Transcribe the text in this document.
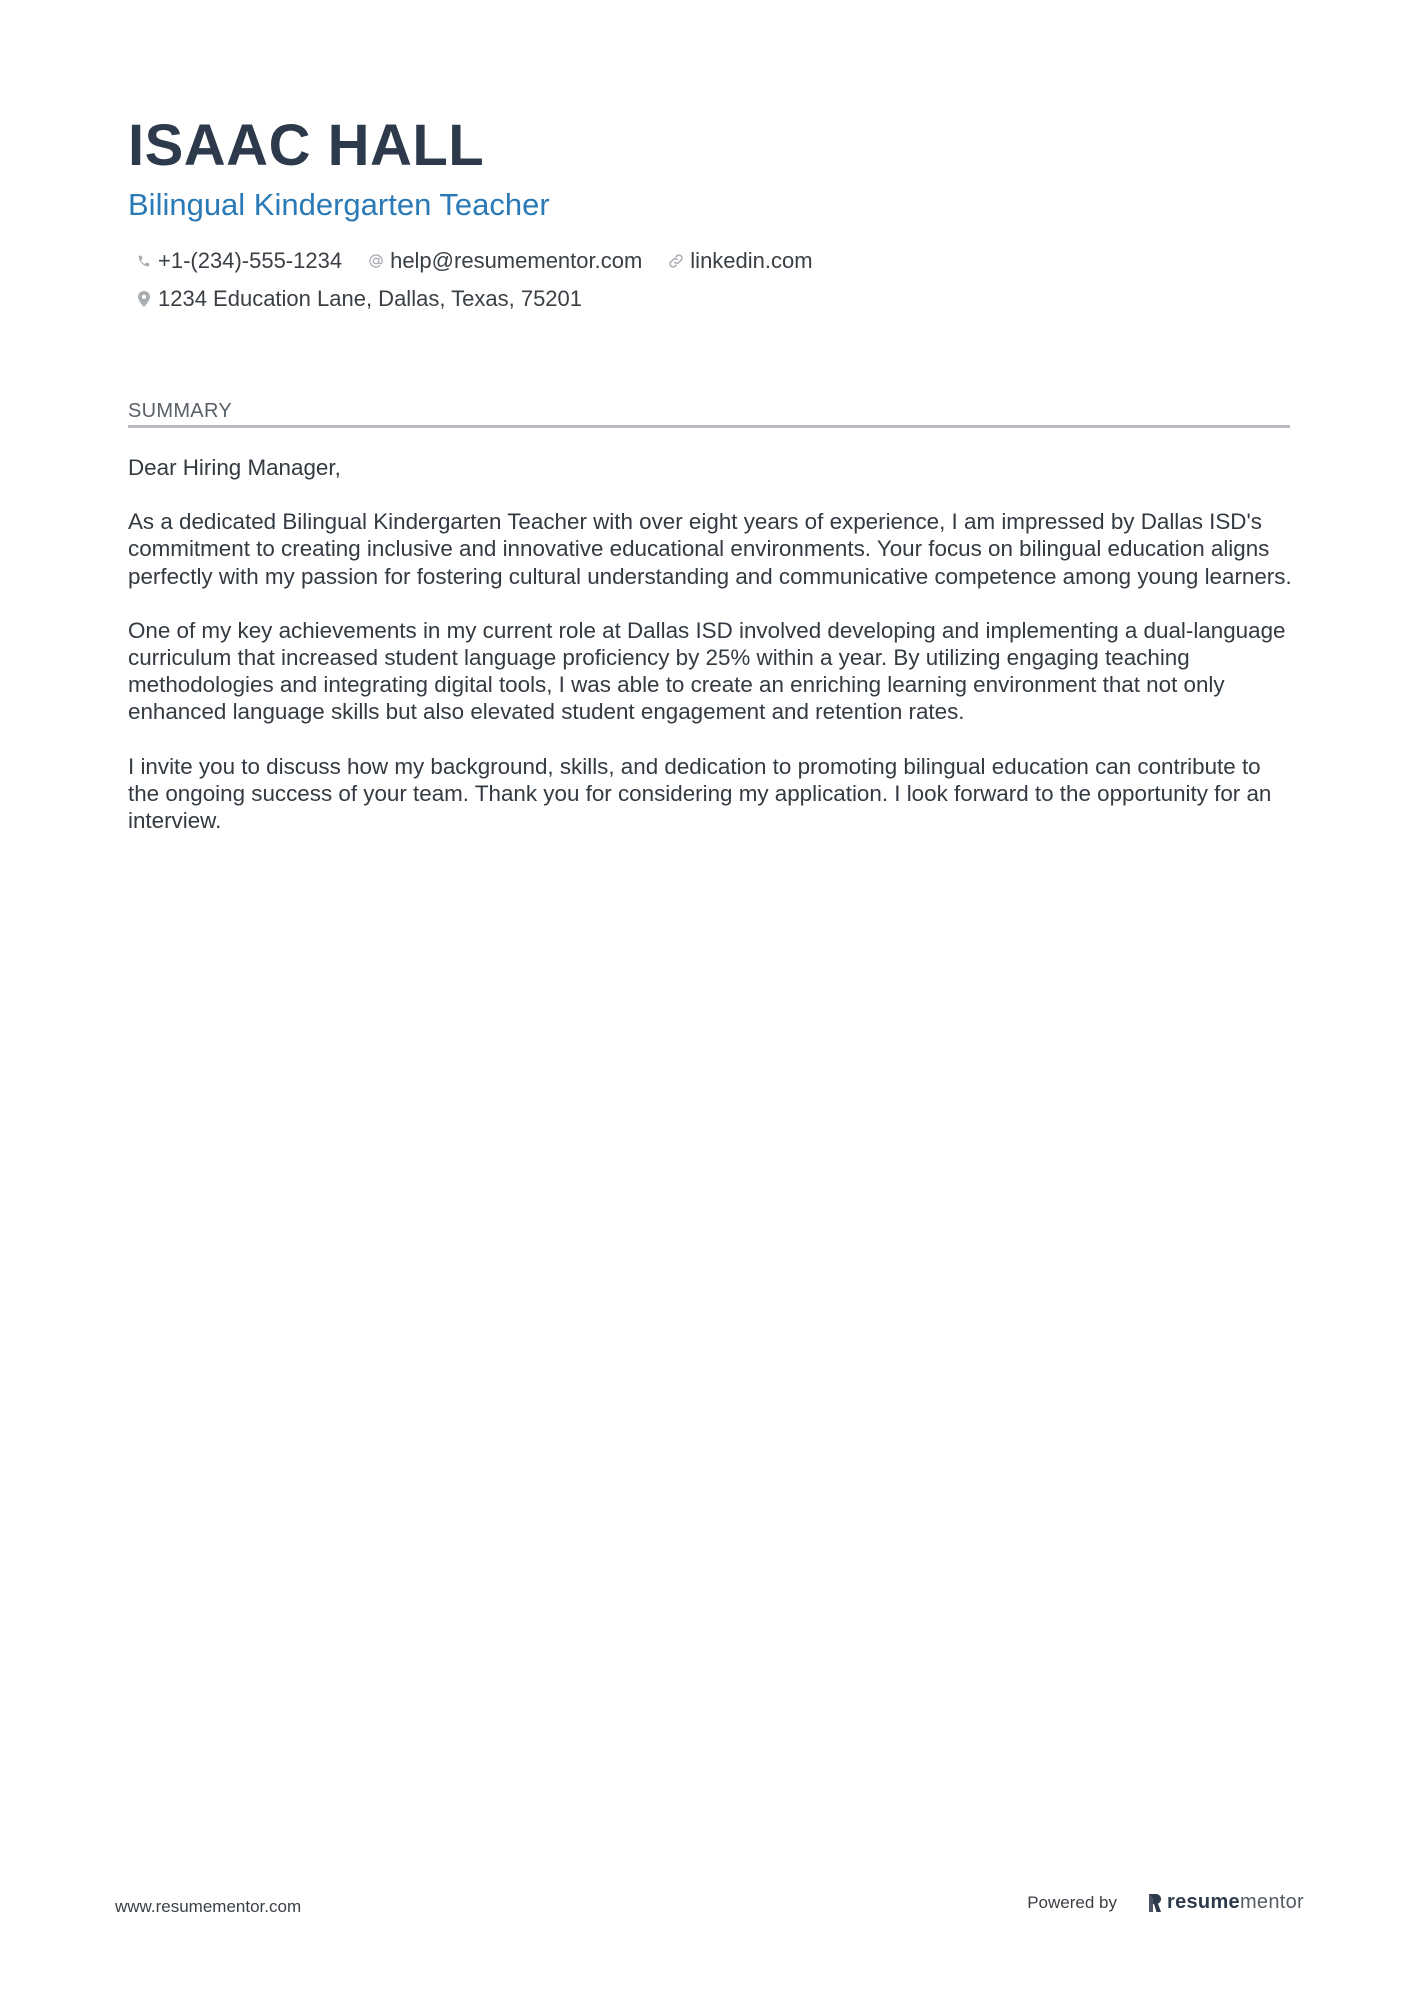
ISAAC HALL
Bilingual Kindergarten Teacher
+1-(234)-555-1234 help@resumementor.com linkedin.com
1234 Education Lane, Dallas, Texas, 75201
SUMMARY

Dear Hiring Manager,

As a dedicated Bilingual Kindergarten Teacher with over eight years of experience, I am impressed by Dallas ISD's commitment to creating inclusive and innovative educational environments. Your focus on bilingual education aligns perfectly with my passion for fostering cultural understanding and communicative competence among young learners.

One of my key achievements in my current role at Dallas ISD involved developing and implementing a dual-language curriculum that increased student language proficiency by 25% within a year. By utilizing engaging teaching methodologies and integrating digital tools, I was able to create an enriching learning environment that not only enhanced language skills but also elevated student engagement and retention rates.

I invite you to discuss how my background, skills, and dedication to promoting bilingual education can contribute to the ongoing success of your team. Thank you for considering my application. I look forward to the opportunity for an interview.

www.resumementor.com	Powered by	resume mentor
